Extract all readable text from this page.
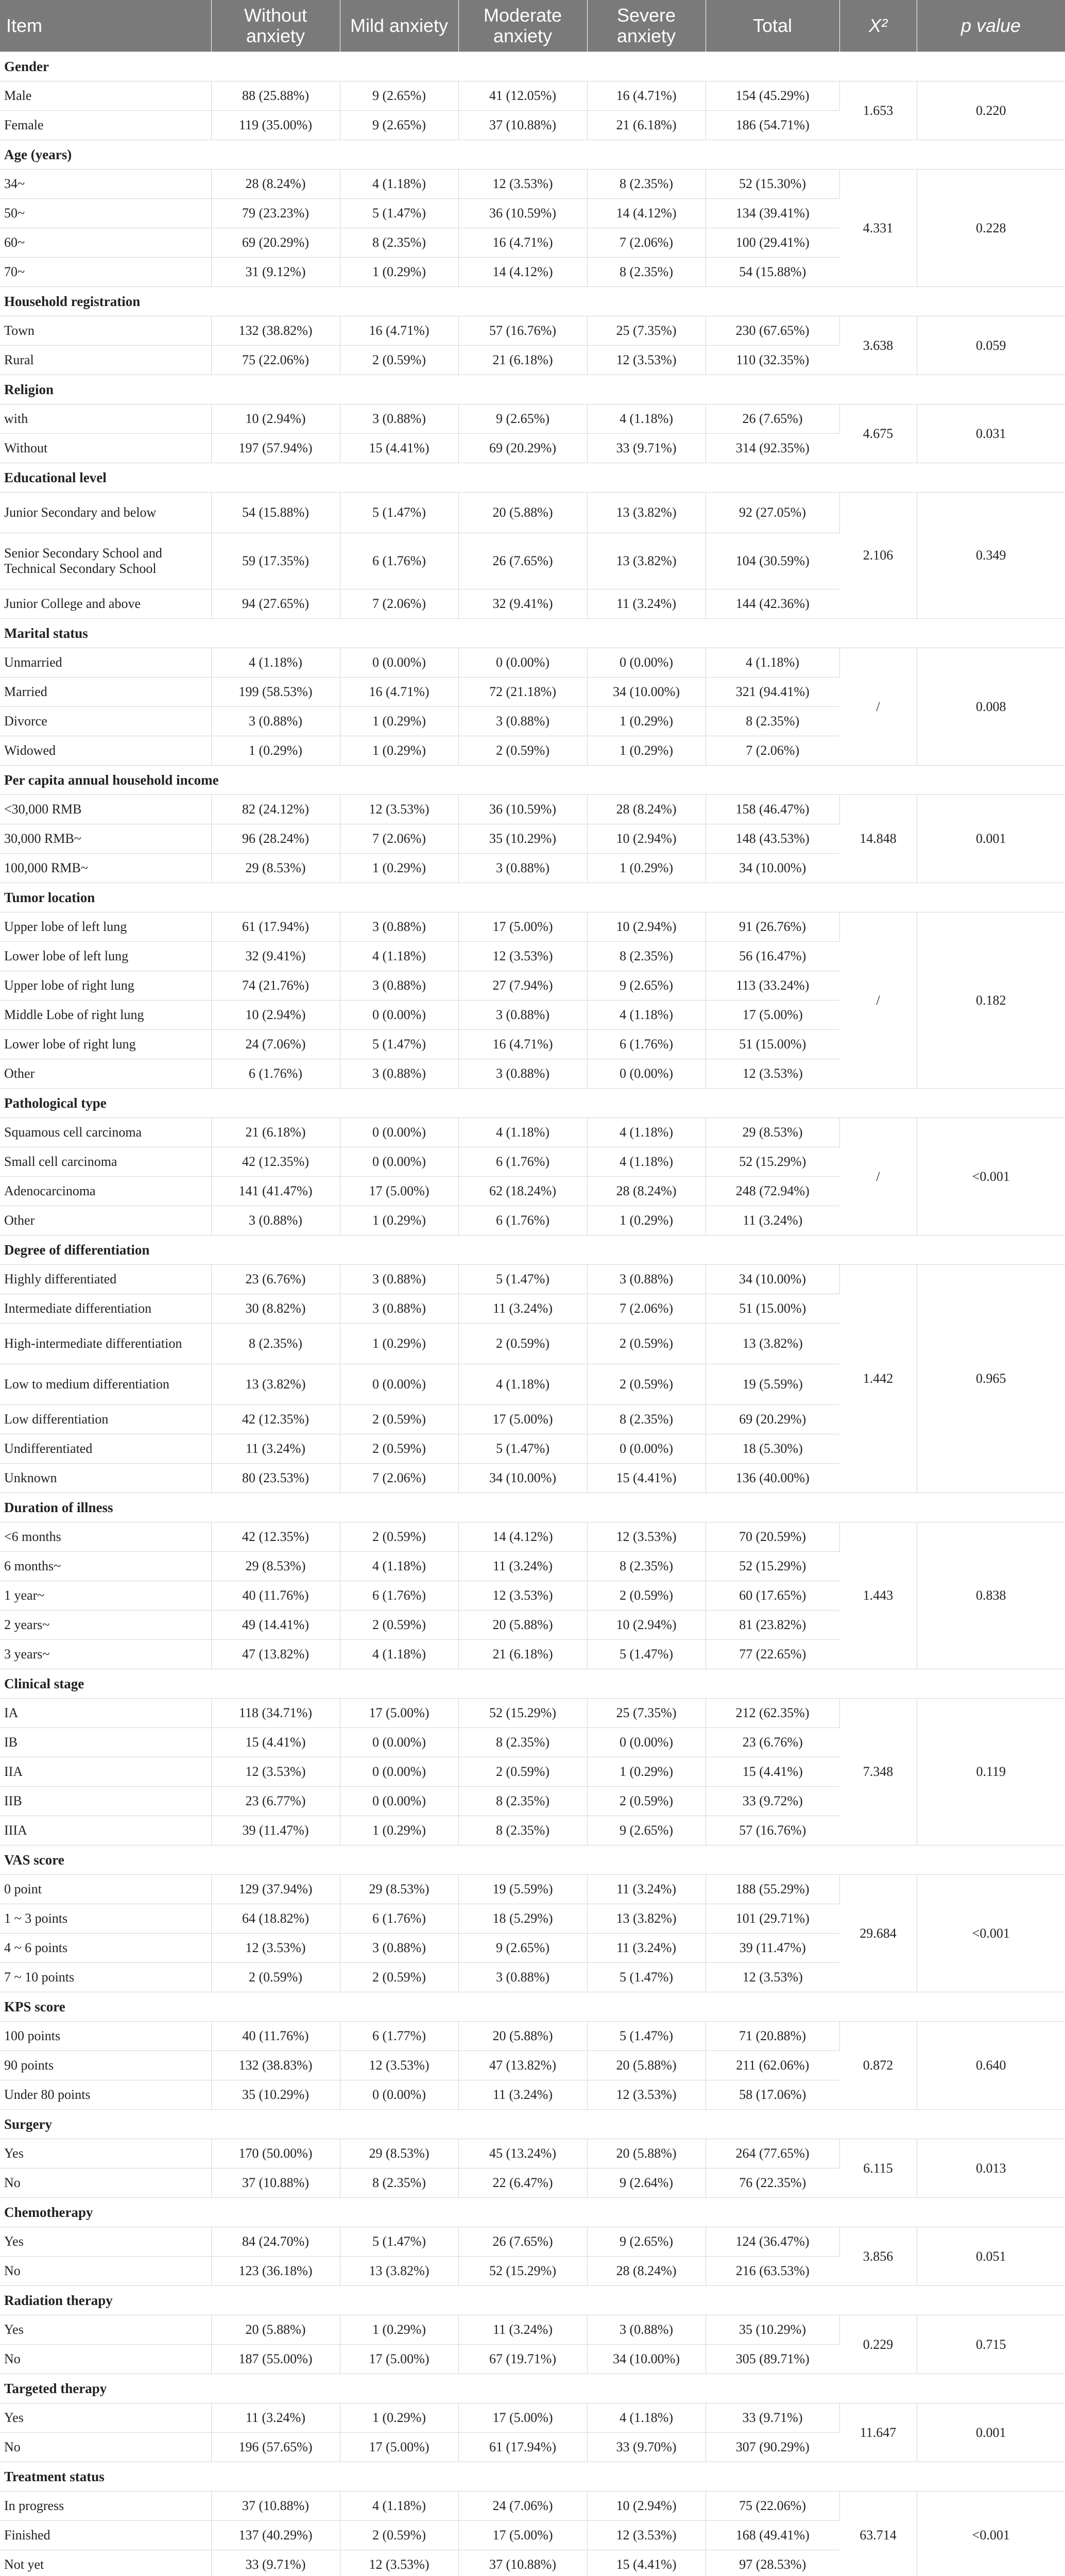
Item	Without anxiety	Mild anxiety	Moderate anxiety	Severe anxiety	Total	X²	p value
Gender							
Male	88 (25.88%)	9 (2.65%)	41 (12.05%)	16 (4.71%)	154 (45.29%)	1.653	0.220
Female	119 (35.00%)	9 (2.65%)	37 (10.88%)	21 (6.18%)	186 (54.71%)		
Age (years)							
34~	28 (8.24%)	4 (1.18%)	12 (3.53%)	8 (2.35%)	52 (15.30%)	4.331	0.228
50~	79 (23.23%)	5 (1.47%)	36 (10.59%)	14 (4.12%)	134 (39.41%)		
60~	69 (20.29%)	8 (2.35%)	16 (4.71%)	7 (2.06%)	100 (29.41%)		
70~	31 (9.12%)	1 (0.29%)	14 (4.12%)	8 (2.35%)	54 (15.88%)		
Household registration							
Town	132 (38.82%)	16 (4.71%)	57 (16.76%)	25 (7.35%)	230 (67.65%)	3.638	0.059
Rural	75 (22.06%)	2 (0.59%)	21 (6.18%)	12 (3.53%)	110 (32.35%)		
Religion							
with	10 (2.94%)	3 (0.88%)	9 (2.65%)	4 (1.18%)	26 (7.65%)	4.675	0.031
Without	197 (57.94%)	15 (4.41%)	69 (20.29%)	33 (9.71%)	314 (92.35%)		
Educational level							
Junior Secondary and below	54 (15.88%)	5 (1.47%)	20 (5.88%)	13 (3.82%)	92 (27.05%)	2.106	0.349
Senior Secondary School and Technical Secondary School	59 (17.35%)	6 (1.76%)	26 (7.65%)	13 (3.82%)	104 (30.59%)		
Junior College and above	94 (27.65%)	7 (2.06%)	32 (9.41%)	11 (3.24%)	144 (42.36%)		
Marital status							
Unmarried	4 (1.18%)	0 (0.00%)	0 (0.00%)	0 (0.00%)	4 (1.18%)	/	0.008
Married	199 (58.53%)	16 (4.71%)	72 (21.18%)	34 (10.00%)	321 (94.41%)		
Divorce	3 (0.88%)	1 (0.29%)	3 (0.88%)	1 (0.29%)	8 (2.35%)		
Widowed	1 (0.29%)	1 (0.29%)	2 (0.59%)	1 (0.29%)	7 (2.06%)		
Per capita annual household income							
<30,000 RMB	82 (24.12%)	12 (3.53%)	36 (10.59%)	28 (8.24%)	158 (46.47%)	14.848	0.001
30,000 RMB~	96 (28.24%)	7 (2.06%)	35 (10.29%)	10 (2.94%)	148 (43.53%)		
100,000 RMB~	29 (8.53%)	1 (0.29%)	3 (0.88%)	1 (0.29%)	34 (10.00%)		
Tumor location							
Upper lobe of left lung	61 (17.94%)	3 (0.88%)	17 (5.00%)	10 (2.94%)	91 (26.76%)	/	0.182
Lower lobe of left lung	32 (9.41%)	4 (1.18%)	12 (3.53%)	8 (2.35%)	56 (16.47%)		
Upper lobe of right lung	74 (21.76%)	3 (0.88%)	27 (7.94%)	9 (2.65%)	113 (33.24%)		
Middle Lobe of right lung	10 (2.94%)	0 (0.00%)	3 (0.88%)	4 (1.18%)	17 (5.00%)		
Lower lobe of right lung	24 (7.06%)	5 (1.47%)	16 (4.71%)	6 (1.76%)	51 (15.00%)		
Other	6 (1.76%)	3 (0.88%)	3 (0.88%)	0 (0.00%)	12 (3.53%)		
Pathological type							
Squamous cell carcinoma	21 (6.18%)	0 (0.00%)	4 (1.18%)	4 (1.18%)	29 (8.53%)	/	<0.001
Small cell carcinoma	42 (12.35%)	0 (0.00%)	6 (1.76%)	4 (1.18%)	52 (15.29%)		
Adenocarcinoma	141 (41.47%)	17 (5.00%)	62 (18.24%)	28 (8.24%)	248 (72.94%)		
Other	3 (0.88%)	1 (0.29%)	6 (1.76%)	1 (0.29%)	11 (3.24%)		
Degree of differentiation							
Highly differentiated	23 (6.76%)	3 (0.88%)	5 (1.47%)	3 (0.88%)	34 (10.00%)	1.442	0.965
Intermediate differentiation	30 (8.82%)	3 (0.88%)	11 (3.24%)	7 (2.06%)	51 (15.00%)		
High-intermediate differentiation	8 (2.35%)	1 (0.29%)	2 (0.59%)	2 (0.59%)	13 (3.82%)		
Low to medium differentiation	13 (3.82%)	0 (0.00%)	4 (1.18%)	2 (0.59%)	19 (5.59%)		
Low differentiation	42 (12.35%)	2 (0.59%)	17 (5.00%)	8 (2.35%)	69 (20.29%)		
Undifferentiated	11 (3.24%)	2 (0.59%)	5 (1.47%)	0 (0.00%)	18 (5.30%)		
Unknown	80 (23.53%)	7 (2.06%)	34 (10.00%)	15 (4.41%)	136 (40.00%)		
Duration of illness							
<6 months	42 (12.35%)	2 (0.59%)	14 (4.12%)	12 (3.53%)	70 (20.59%)	1.443	0.838
6 months~	29 (8.53%)	4 (1.18%)	11 (3.24%)	8 (2.35%)	52 (15.29%)		
1 year~	40 (11.76%)	6 (1.76%)	12 (3.53%)	2 (0.59%)	60 (17.65%)		
2 years~	49 (14.41%)	2 (0.59%)	20 (5.88%)	10 (2.94%)	81 (23.82%)		
3 years~	47 (13.82%)	4 (1.18%)	21 (6.18%)	5 (1.47%)	77 (22.65%)		
Clinical stage							
IA	118 (34.71%)	17 (5.00%)	52 (15.29%)	25 (7.35%)	212 (62.35%)	7.348	0.119
IB	15 (4.41%)	0 (0.00%)	8 (2.35%)	0 (0.00%)	23 (6.76%)		
IIA	12 (3.53%)	0 (0.00%)	2 (0.59%)	1 (0.29%)	15 (4.41%)		
IIB	23 (6.77%)	0 (0.00%)	8 (2.35%)	2 (0.59%)	33 (9.72%)		
IIIA	39 (11.47%)	1 (0.29%)	8 (2.35%)	9 (2.65%)	57 (16.76%)		
VAS score							
0 point	129 (37.94%)	29 (8.53%)	19 (5.59%)	11 (3.24%)	188 (55.29%)	29.684	<0.001
1 ~ 3 points	64 (18.82%)	6 (1.76%)	18 (5.29%)	13 (3.82%)	101 (29.71%)		
4 ~ 6 points	12 (3.53%)	3 (0.88%)	9 (2.65%)	11 (3.24%)	39 (11.47%)		
7 ~ 10 points	2 (0.59%)	2 (0.59%)	3 (0.88%)	5 (1.47%)	12 (3.53%)		
KPS score							
100 points	40 (11.76%)	6 (1.77%)	20 (5.88%)	5 (1.47%)	71 (20.88%)	0.872	0.640
90 points	132 (38.83%)	12 (3.53%)	47 (13.82%)	20 (5.88%)	211 (62.06%)		
Under 80 points	35 (10.29%)	0 (0.00%)	11 (3.24%)	12 (3.53%)	58 (17.06%)		
Surgery							
Yes	170 (50.00%)	29 (8.53%)	45 (13.24%)	20 (5.88%)	264 (77.65%)	6.115	0.013
No	37 (10.88%)	8 (2.35%)	22 (6.47%)	9 (2.64%)	76 (22.35%)		
Chemotherapy							
Yes	84 (24.70%)	5 (1.47%)	26 (7.65%)	9 (2.65%)	124 (36.47%)	3.856	0.051
No	123 (36.18%)	13 (3.82%)	52 (15.29%)	28 (8.24%)	216 (63.53%)		
Radiation therapy							
Yes	20 (5.88%)	1 (0.29%)	11 (3.24%)	3 (0.88%)	35 (10.29%)	0.229	0.715
No	187 (55.00%)	17 (5.00%)	67 (19.71%)	34 (10.00%)	305 (89.71%)		
Targeted therapy							
Yes	11 (3.24%)	1 (0.29%)	17 (5.00%)	4 (1.18%)	33 (9.71%)	11.647	0.001
No	196 (57.65%)	17 (5.00%)	61 (17.94%)	33 (9.70%)	307 (90.29%)		
Treatment status							
In progress	37 (10.88%)	4 (1.18%)	24 (7.06%)	10 (2.94%)	75 (22.06%)	63.714	<0.001
Finished	137 (40.29%)	2 (0.59%)	17 (5.00%)	12 (3.53%)	168 (49.41%)		
Not yet	33 (9.71%)	12 (3.53%)	37 (10.88%)	15 (4.41%)	97 (28.53%)		
